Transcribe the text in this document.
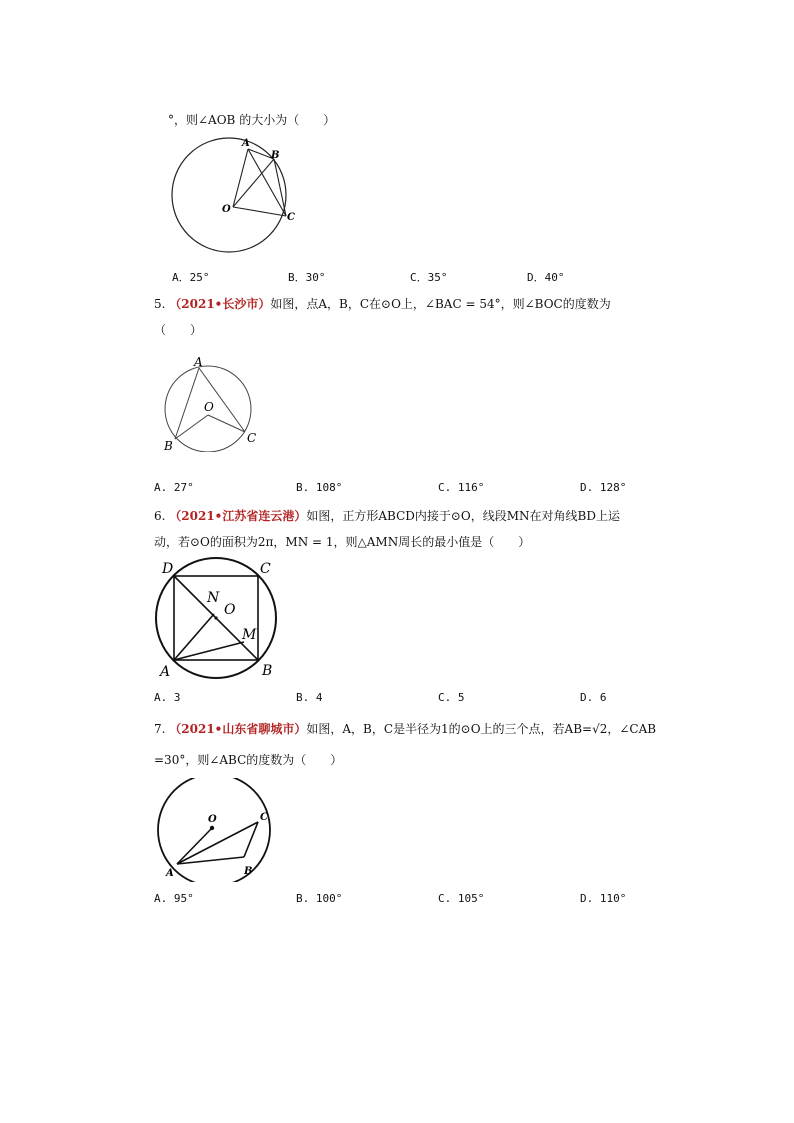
°，则∠AOB 的大小为（　　）
A
B
C
O
A．25°	B．30°	C．35°	D．40°
5. （2021•长沙市）如图，点A，B，C在⊙O上，∠BAC = 54°，则∠BOC的度数为
（　　）
A
O
B
C
A. 27°	B. 108°	C. 116°	D. 128°
6. （2021•江苏省连云港）如图，正方形ABCD内接于⊙O，线段MN在对角线BD上运
动，若⊙O的面积为2π，MN = 1，则△AMN周长的最小值是（　　）
D	C
N
O
M
A	B
A. 3	B. 4	C. 5	D. 6
7. （2021•山东省聊城市）如图，A，B，C是半径为1的⊙O上的三个点，若AB=√2，∠CAB
=30°，则∠ABC的度数为（　　）
O	C
A	B
A. 95°	B. 100°	C. 105°	D. 110°
